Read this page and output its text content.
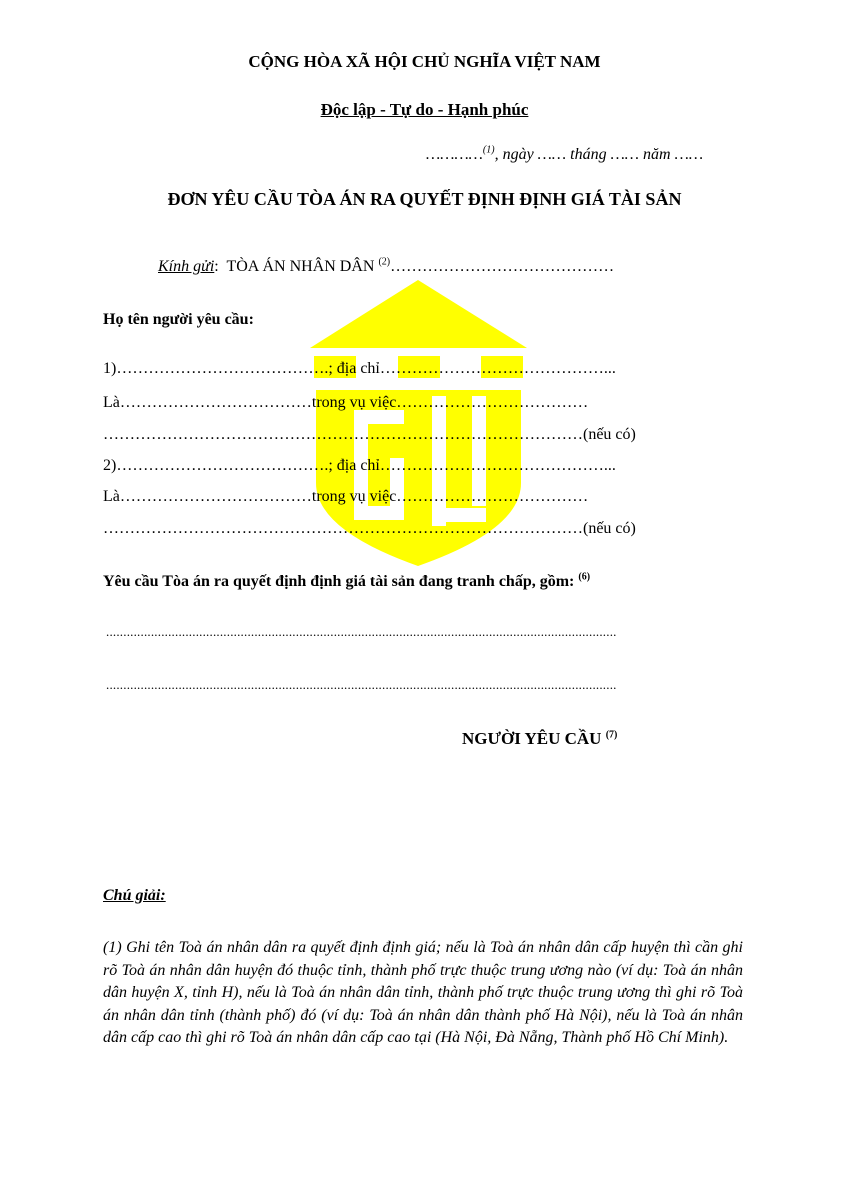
CỘNG HÒA XÃ HỘI CHỦ NGHĨA VIỆT NAM
Độc lập - Tự do - Hạnh phúc
…………$^{(1)}$, ngày …… tháng …… năm ……
ĐƠN YÊU CẦU TÒA ÁN RA QUYẾT ĐỊNH ĐỊNH GIÁ TÀI SẢN
Kính gửi: TÒA ÁN NHÂN DÂN $^{(2)}$……………………………………
Họ tên người yêu cầu:
1)………………………………….; địa chỉ……………………………………...
Là………………………………trong vụ việc………………………………
………………………………………………………………………………(nếu có)
2)………………………………….; địa chỉ……………………………………...
Là………………………………trong vụ việc………………………………
………………………………………………………………………………(nếu có)
Yêu cầu Tòa án ra quyết định định giá tài sản đang tranh chấp, gồm: $^{(6)}$
....................................................................................................................................................
....................................................................................................................................................
NGƯỜI YÊU CẦU $^{(7)}$
Chú giải:
(1) Ghi tên Toà án nhân dân ra quyết định định giá; nếu là Toà án nhân dân cấp huyện thì cần ghi rõ Toà án nhân dân huyện đó thuộc tỉnh, thành phố trực thuộc trung ương nào (ví dụ: Toà án nhân dân huyện X, tỉnh H), nếu là Toà án nhân dân tỉnh, thành phố trực thuộc trung ương thì ghi rõ Toà án nhân dân tỉnh (thành phố) đó (ví dụ: Toà án nhân dân thành phố Hà Nội), nếu là Toà án nhân dân cấp cao thì ghi rõ Toà án nhân dân cấp cao tại (Hà Nội, Đà Nẵng, Thành phố Hồ Chí Minh).
